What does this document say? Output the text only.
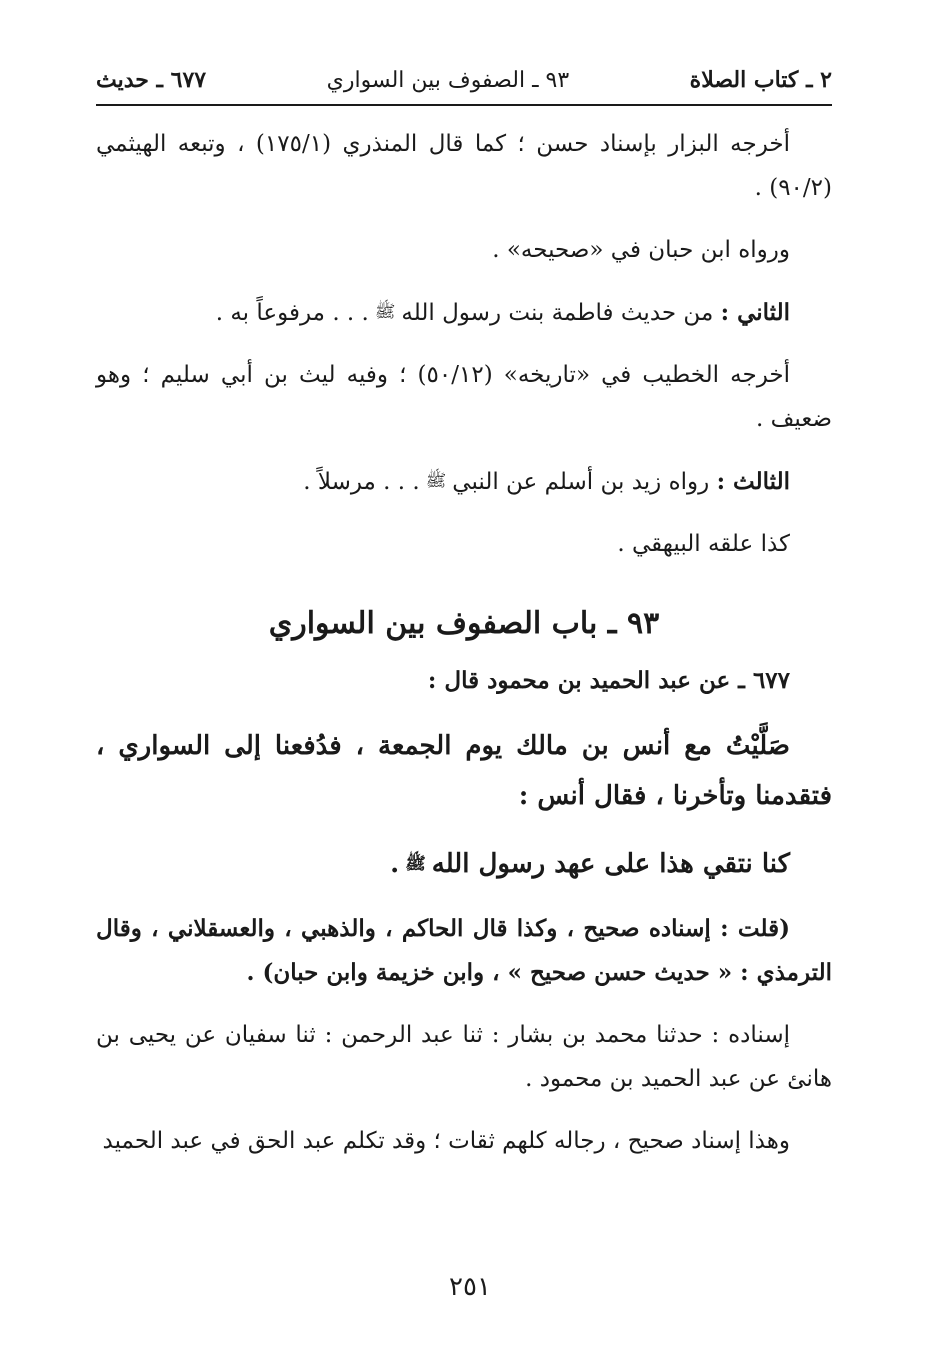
٢ ـ كتاب الصلاة
٩٣ ـ الصفوف بين السواري
٦٧٧ ـ حديث

أخرجه البزار بإسناد حسن ؛ كما قال المنذري (١٧٥/١) ، وتبعه الهيثمي (٩٠/٢) .

ورواه ابن حبان في «صحيحه» .

الثاني : من حديث فاطمة بنت رسول اللهﷺ. . . مرفوعاً به .

أخرجه الخطيب في «تاريخه» (٥٠/١٢) ؛ وفيه ليث بن أبي سليم ؛ وهو ضعيف .

الثالث : رواه زيد بن أسلم عن النبيﷺ. . . مرسلاً .

كذا علقه البيهقي .

٩٣ ـ باب الصفوف بين السواري

٦٧٧ ـ عن عبد الحميد بن محمود قال :

صَلَّيْتُ مع أنس بن مالك يوم الجمعة ، فدُفعنا إلى السواري ، فتقدمنا وتأخرنا ، فقال أنس :

كنا نتقي هذا على عهد رسول اللهﷺ.

(قلت : إسناده صحيح ، وكذا قال الحاكم ، والذهبي ، والعسقلاني ، وقال الترمذي : « حديث حسن صحيح » ، وابن خزيمة وابن حبان) .

إسناده : حدثنا محمد بن بشار : ثنا عبد الرحمن : ثنا سفيان عن يحيى بن هانئ عن عبد الحميد بن محمود .

وهذا إسناد صحيح ، رجاله كلهم ثقات ؛ وقد تكلم عبد الحق في عبد الحميد

٢٥١
